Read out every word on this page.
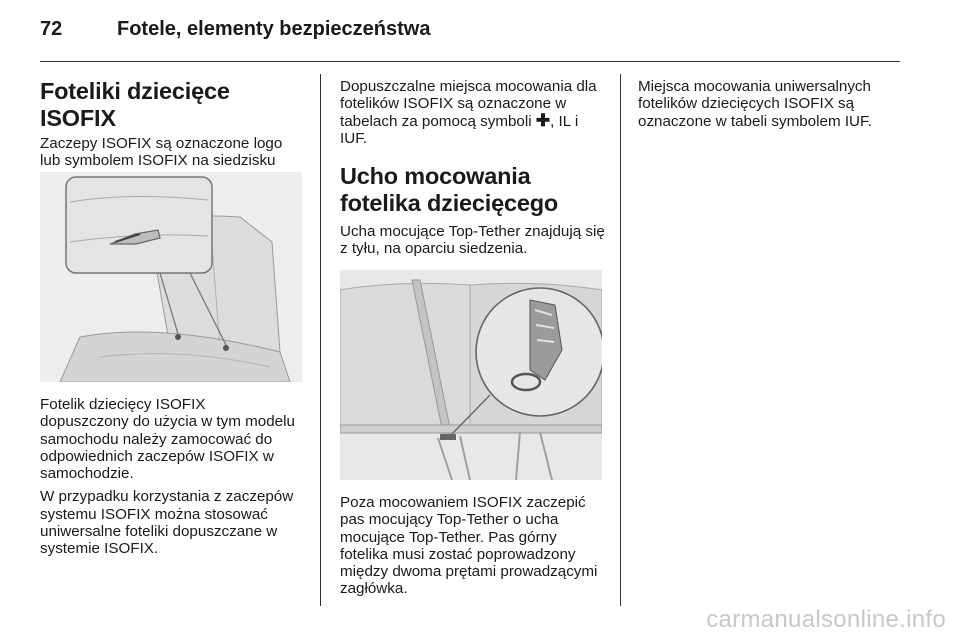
72	Fotele, elementy bezpieczeństwa
Foteliki dziecięce ISOFIX

Zaczepy ISOFIX są oznaczone logo lub symbolem ISOFIX na siedzisku

Fotelik dziecięcy ISOFIX

dopuszczony do użycia w tym modelu samochodu należy zamocować do odpowiednich zaczepów ISOFIX w samochodzie.

W przypadku korzystania z zaczepów systemu ISOFIX można stosować uniwersalne foteliki dopuszczane w systemie ISOFIX.

Dopuszczalne miejsca mocowania dla fotelików ISOFIX są oznaczone w tabelach za pomocą symboli ✚, IL i IUF.

Ucho mocowania fotelika dziecięcego

Ucha mocujące Top-Tether znajdują się z tyłu, na oparciu siedzenia.

Poza mocowaniem ISOFIX zaczepić pas mocujący Top-Tether o ucha mocujące Top-Tether. Pas górny fotelika musi zostać poprowadzony między dwoma prętami prowadzącymi zagłówka.

Miejsca mocowania uniwersalnych fotelików dziecięcych ISOFIX są oznaczone w tabeli symbolem IUF.

carmanualsonline.info
